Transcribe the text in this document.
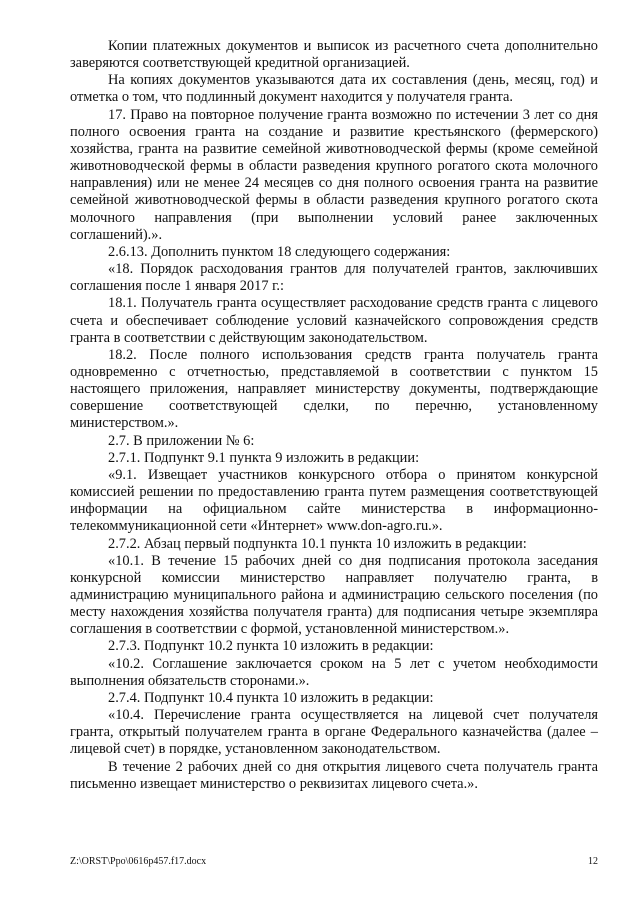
Копии платежных документов и выписок из расчетного счета дополнительно заверяются соответствующей кредитной организацией.

На копиях документов указываются дата их составления (день, месяц, год) и отметка о том, что подлинный документ находится у получателя гранта.

17. Право на повторное получение гранта возможно по истечении 3 лет со дня полного освоения гранта на создание и развитие крестьянского (фермерского) хозяйства, гранта на развитие семейной животноводческой фермы (кроме семейной животноводческой фермы в области разведения крупного рогатого скота молочного направления) или не менее 24 месяцев со дня полного освоения гранта на развитие семейной животноводческой фермы в области разведения крупного рогатого скота молочного направления (при выполнении условий ранее заключенных соглашений).».

2.6.13. Дополнить пунктом 18 следующего содержания:

«18. Порядок расходования грантов для получателей грантов, заключивших соглашения после 1 января 2017 г.:

18.1. Получатель гранта осуществляет расходование средств гранта с лицевого счета и обеспечивает соблюдение условий казначейского сопровождения средств гранта в соответствии с действующим законодательством.

18.2. После полного использования средств гранта получатель гранта одновременно с отчетностью, представляемой в соответствии с пунктом 15 настоящего приложения, направляет министерству документы, подтверждающие совершение соответствующей сделки, по перечню, установленному министерством.».

2.7. В приложении № 6:

2.7.1. Подпункт 9.1 пункта 9 изложить в редакции:

«9.1. Извещает участников конкурсного отбора о принятом конкурсной комиссией решении по предоставлению гранта путем размещения соответствующей информации на официальном сайте министерства в информационно-телекоммуникационной сети «Интернет» www.don-agro.ru.».

2.7.2. Абзац первый подпункта 10.1 пункта 10 изложить в редакции:

«10.1. В течение 15 рабочих дней со дня подписания протокола заседания конкурсной комиссии министерство направляет получателю гранта, в администрацию муниципального района и администрацию сельского поселения (по месту нахождения хозяйства получателя гранта) для подписания четыре экземпляра соглашения в соответствии с формой, установленной министерством.».

2.7.3. Подпункт 10.2 пункта 10 изложить в редакции:

«10.2. Соглашение заключается сроком на 5 лет с учетом необходимости выполнения обязательств сторонами.».

2.7.4. Подпункт 10.4 пункта 10 изложить в редакции:

«10.4. Перечисление гранта осуществляется на лицевой счет получателя гранта, открытый получателем гранта в органе Федерального казначейства (далее – лицевой счет) в порядке, установленном законодательством.

В течение 2 рабочих дней со дня открытия лицевого счета получатель гранта письменно извещает министерство о реквизитах лицевого счета.».

Z:\ORST\Ppo\0616p457.f17.docx	12
